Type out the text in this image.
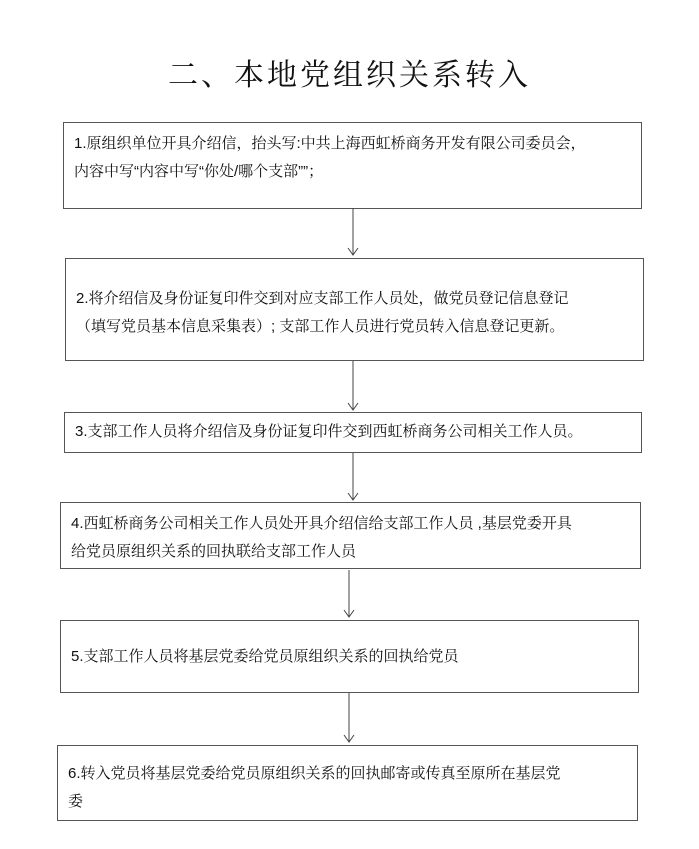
二、本地党组织关系转入
1.原组织单位开具介绍信，抬头写:中共上海西虹桥商务开发有限公司委员会，
内容中写“内容中写“你处/哪个支部””；
2.将介绍信及身份证复印件交到对应支部工作人员处，做党员登记信息登记
（填写党员基本信息采集表）; 支部工作人员进行党员转入信息登记更新。
3.支部工作人员将介绍信及身份证复印件交到西虹桥商务公司相关工作人员。
4.西虹桥商务公司相关工作人员处开具介绍信给支部工作人员 ,基层党委开具
给党员原组织关系的回执联给支部工作人员
5.支部工作人员将基层党委给党员原组织关系的回执给党员
6.转入党员将基层党委给党员原组织关系的回执邮寄或传真至原所在基层党
委
